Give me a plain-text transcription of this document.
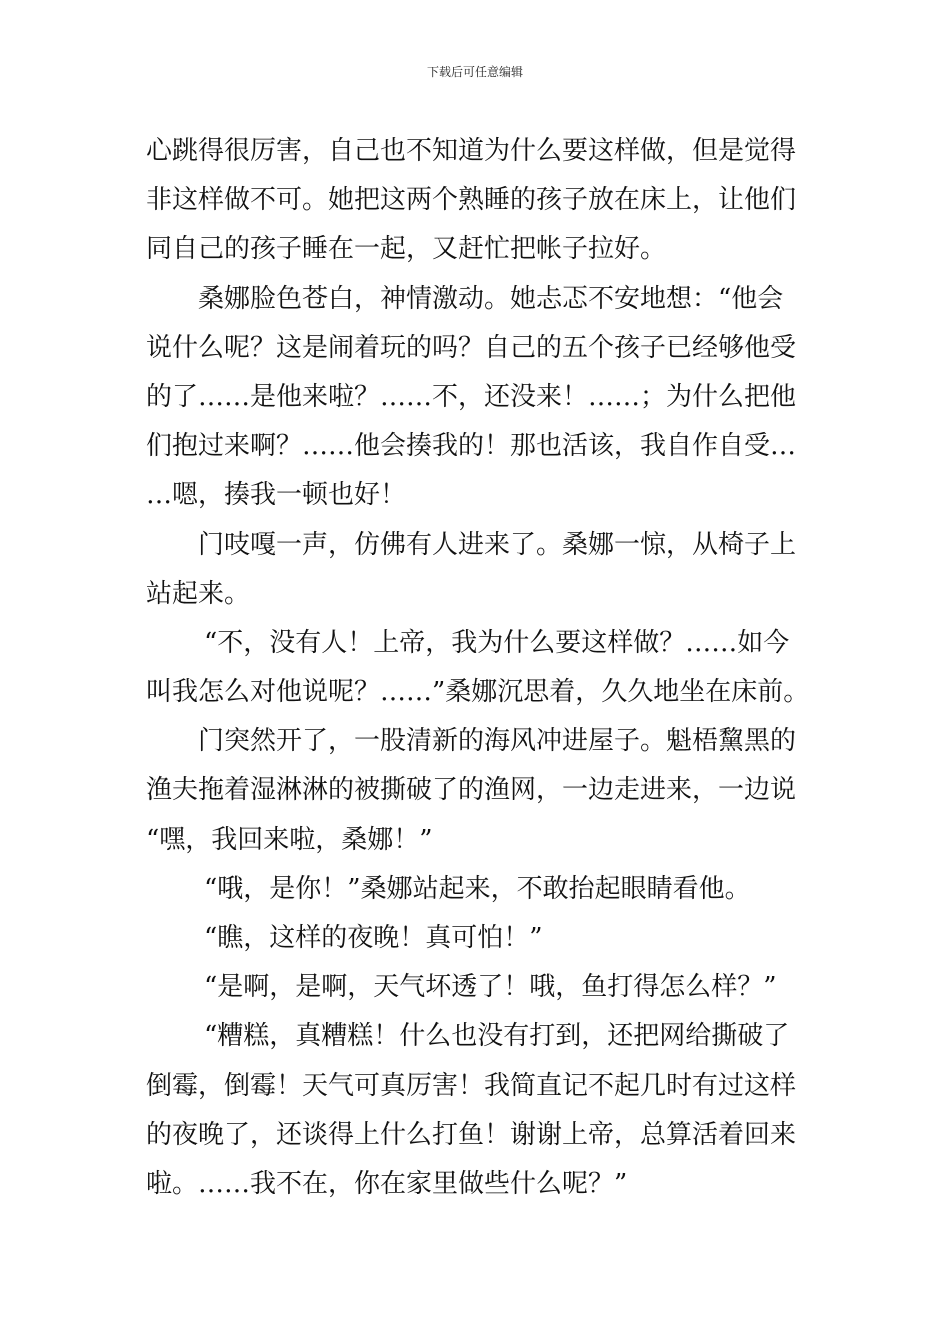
下载后可任意编辑
心跳得很厉害，自己也不知道为什么要这样做，但是觉得
非这样做不可。她把这两个熟睡的孩子放在床上，让他们
同自己的孩子睡在一起，又赶忙把帐子拉好。
桑娜脸色苍白，神情激动。她忐忑不安地想：“他会
说什么呢？这是闹着玩的吗？自己的五个孩子已经够他受
的了……是他来啦？……不，还没来！……；为什么把他
们抱过来啊？……他会揍我的！那也活该，我自作自受…
…嗯，揍我一顿也好！
门吱嘎一声，仿佛有人进来了。桑娜一惊，从椅子上
站起来。
“不，没有人！上帝，我为什么要这样做？……如今
叫我怎么对他说呢？……”桑娜沉思着，久久地坐在床前。
门突然开了，一股清新的海风冲进屋子。魁梧黧黑的
渔夫拖着湿淋淋的被撕破了的渔网，一边走进来，一边说
“嘿，我回来啦，桑娜！”
“哦，是你！”桑娜站起来，不敢抬起眼睛看他。
“瞧，这样的夜晚！真可怕！”
“是啊，是啊，天气坏透了！哦，鱼打得怎么样？”
“糟糕，真糟糕！什么也没有打到，还把网给撕破了
倒霉，倒霉！天气可真厉害！我简直记不起几时有过这样
的夜晚了，还谈得上什么打鱼！谢谢上帝，总算活着回来
啦。……我不在，你在家里做些什么呢？”
